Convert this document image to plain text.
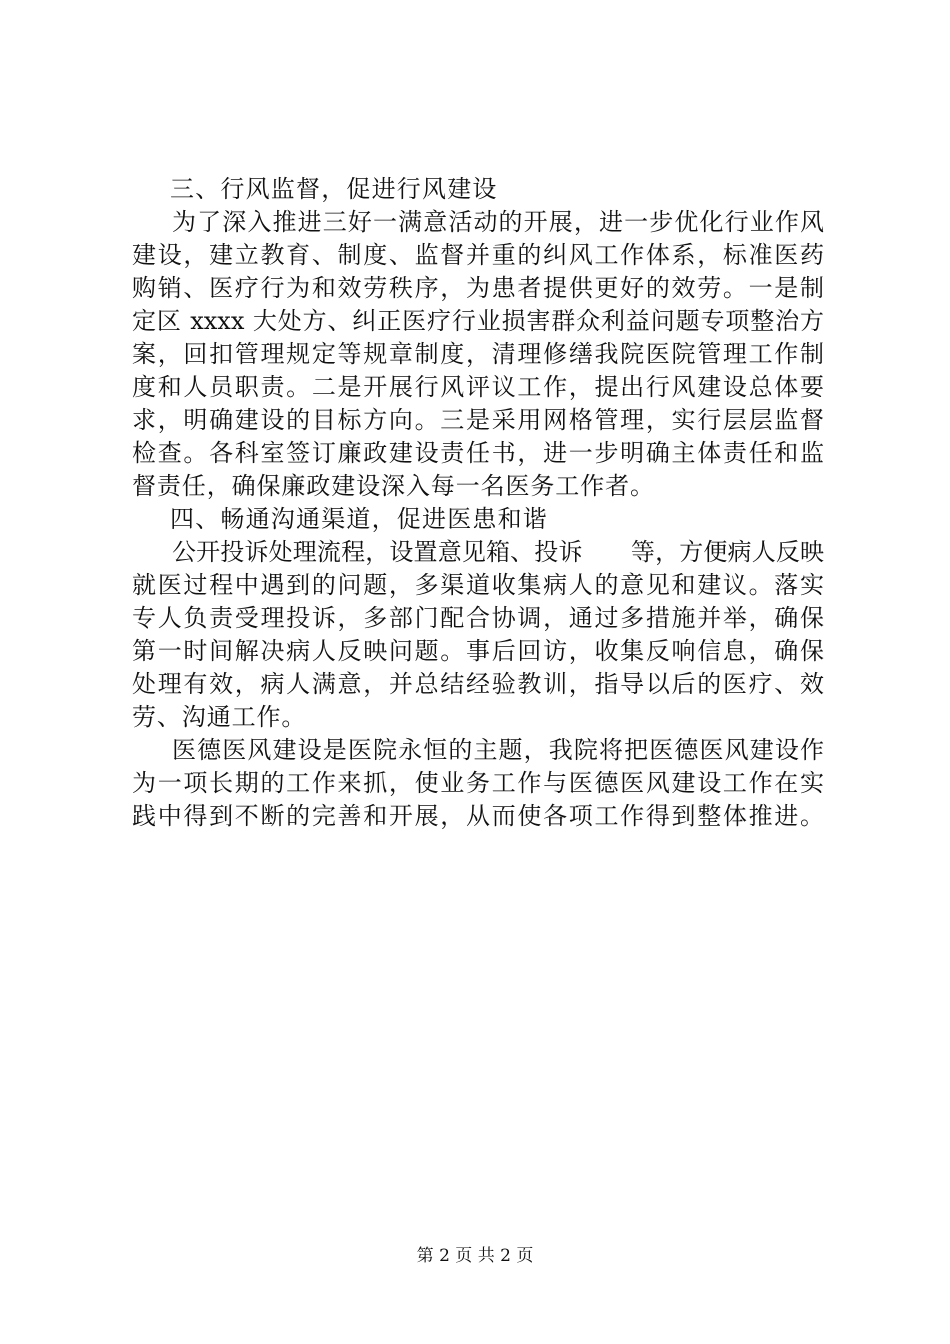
三、行风监督，促进行风建设
为了深入推进三好一满意活动的开展，进一步优化行业作风
建设，建立教育、制度、监督并重的纠风工作体系，标准医药
购销、医疗行为和效劳秩序，为患者提供更好的效劳。一是制
定区 xxxx 大处方、纠正医疗行业损害群众利益问题专项整治方
案，回扣管理规定等规章制度，清理修缮我院医院管理工作制
度和人员职责。二是开展行风评议工作，提出行风建设总体要
求，明确建设的目标方向。三是采用网格管理，实行层层监督
检查。各科室签订廉政建设责任书，进一步明确主体责任和监
督责任，确保廉政建设深入每一名医务工作者。
四、畅通沟通渠道，促进医患和谐
公开投诉处理流程，设置意见箱、投诉　　等，方便病人反映
就医过程中遇到的问题，多渠道收集病人的意见和建议。落实
专人负责受理投诉，多部门配合协调，通过多措施并举，确保
第一时间解决病人反映问题。事后回访，收集反响信息，确保
处理有效，病人满意，并总结经验教训，指导以后的医疗、效
劳、沟通工作。
医德医风建设是医院永恒的主题，我院将把医德医风建设作
为一项长期的工作来抓，使业务工作与医德医风建设工作在实
践中得到不断的完善和开展，从而使各项工作得到整体推进。
第 2 页 共 2 页
